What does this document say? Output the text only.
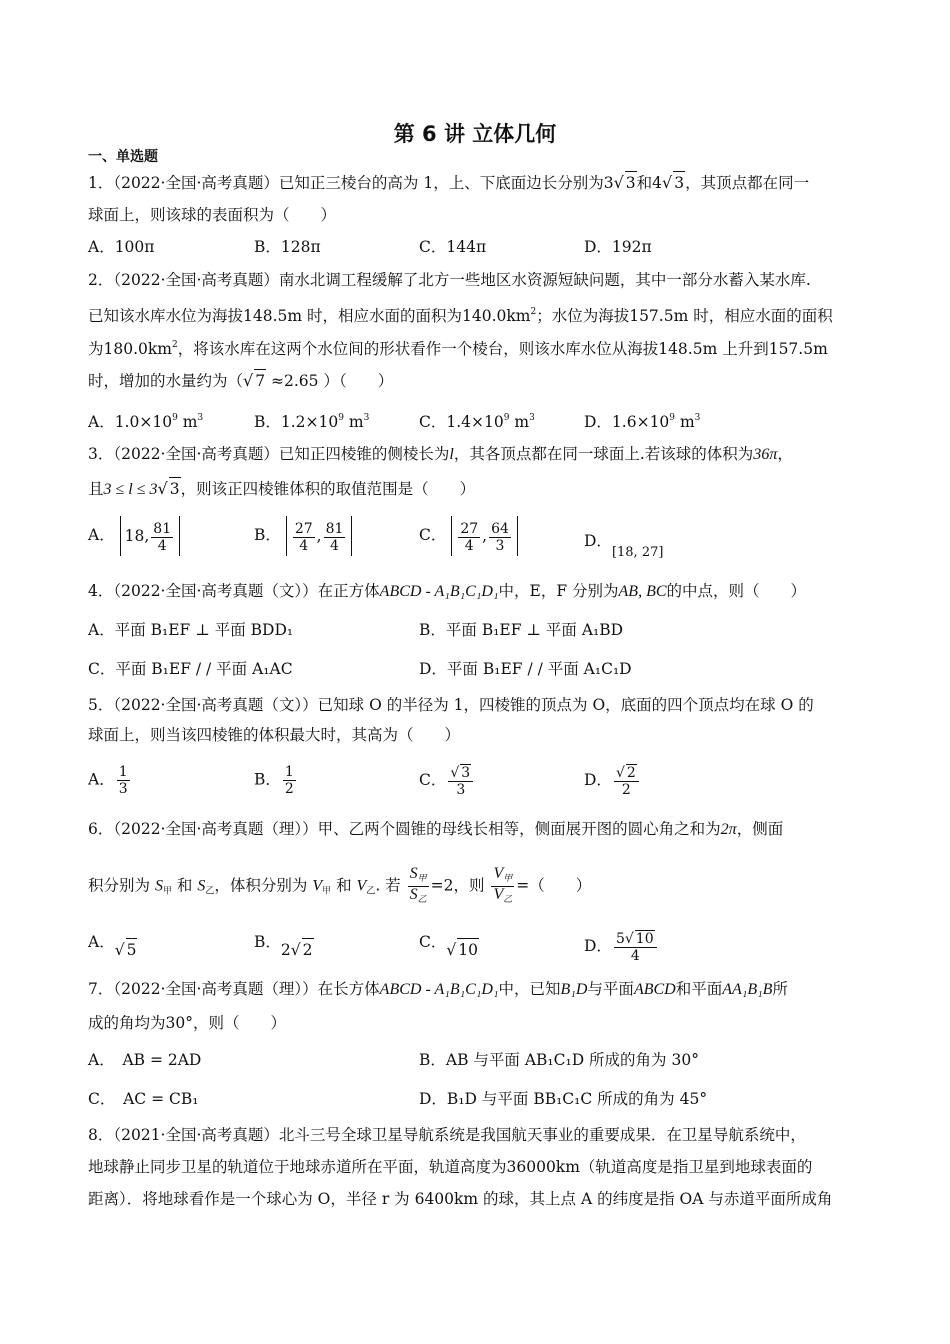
第 6 讲 立体几何
一、单选题
1．（2022·全国·高考真题）已知正三棱台的高为 1，上、下底面边长分别为3√ 3和4√ 3，其顶点都在同一
球面上，则该球的表面积为（　　）
A．100π	B．128π	C．144π	D．192π
2．（2022·全国·高考真题）南水北调工程缓解了北方一些地区水资源短缺问题，其中一部分水蓄入某水库.
已知该水库水位为海拔148.5m 时，相应水面的面积为$140.0km^2$；水位为海拔157.5m 时，相应水面的面积
为$180.0km^2$，将该水库在这两个水位间的形状看作一个棱台，则该水库水位从海拔148.5m 上升到157.5m
时，增加的水量约为（√ 7 ≈2.65 ）（　　）
A．$1.0\times 10^9$ $m^3$	B．$1.2\times 10^9$ $m^3$	C．$1.4\times 10^9$ $m^3$	D．$1.6\times 10^9$ $m^3$
3．（2022·全国·高考真题）已知正四棱锥的侧棱长为l，其各顶点都在同一球面上.若该球的体积为36π，
且3 ≤ l ≤ 3√ 3，则该正四棱锥体积的取值范围是（　　）
A． 18, $\frac{81}{4}$	B． $\frac{27}{4}$ , $\frac{81}{4}$	C． $\frac{27}{4}$ , $\frac{64}{3}$	D．$_{[18, 27]}$
4．（2022·全国·高考真题（文））在正方体ABCD - A₁B₁C₁D₁中，E，F 分别为AB, BC的中点，则（　　）
A．平面 B₁EF ⊥ 平面 BDD₁	B．平面 B₁EF ⊥ 平面 A₁BD
C．平面 B₁EF / / 平面 A₁AC	D．平面 B₁EF / / 平面 A₁C₁D
5．（2022·全国·高考真题（文））已知球 O 的半径为 1，四棱锥的顶点为 O，底面的四个顶点均在球 O 的
球面上，则当该四棱锥的体积最大时，其高为（　　）
A． $\frac{1}{3}$	B． $\frac{1}{2}$	C． $\frac{√ 3}{3}$	D． $\frac{√ 2}{2}$
6．（2022·全国·高考真题（理））甲、乙两个圆锥的母线长相等，侧面展开图的圆心角之和为2π，侧面
积分别为 $S_甲$ 和 $S_乙$，体积分别为 $V_甲$ 和 $V_乙$. 若 $\frac{S_甲}{S_乙} =2$，则 $\frac{V_甲}{V_乙}$ =（　　）
A．√ 5	B．2√ 2	C．√ 10	D． $\frac{5√ 10}{4}$
7．（2022·全国·高考真题（理））在长方体ABCD - A₁B₁C₁D₁中，已知B₁D与平面ABCD和平面AA₁B₁B所
成的角均为30°，则（　　）
A．　AB = 2AD	B．AB 与平面 AB₁C₁D 所成的角为 30°
C．　AC = CB₁	D．B₁D 与平面 BB₁C₁C 所成的角为 45°
8．（2021·全国·高考真题）北斗三号全球卫星导航系统是我国航天事业的重要成果．在卫星导航系统中，
地球静止同步卫星的轨道位于地球赤道所在平面，轨道高度为36000km（轨道高度是指卫星到地球表面的
距离）．将地球看作是一个球心为 O，半径 r 为 6400km 的球，其上点 A 的纬度是指 OA 与赤道平面所成角
